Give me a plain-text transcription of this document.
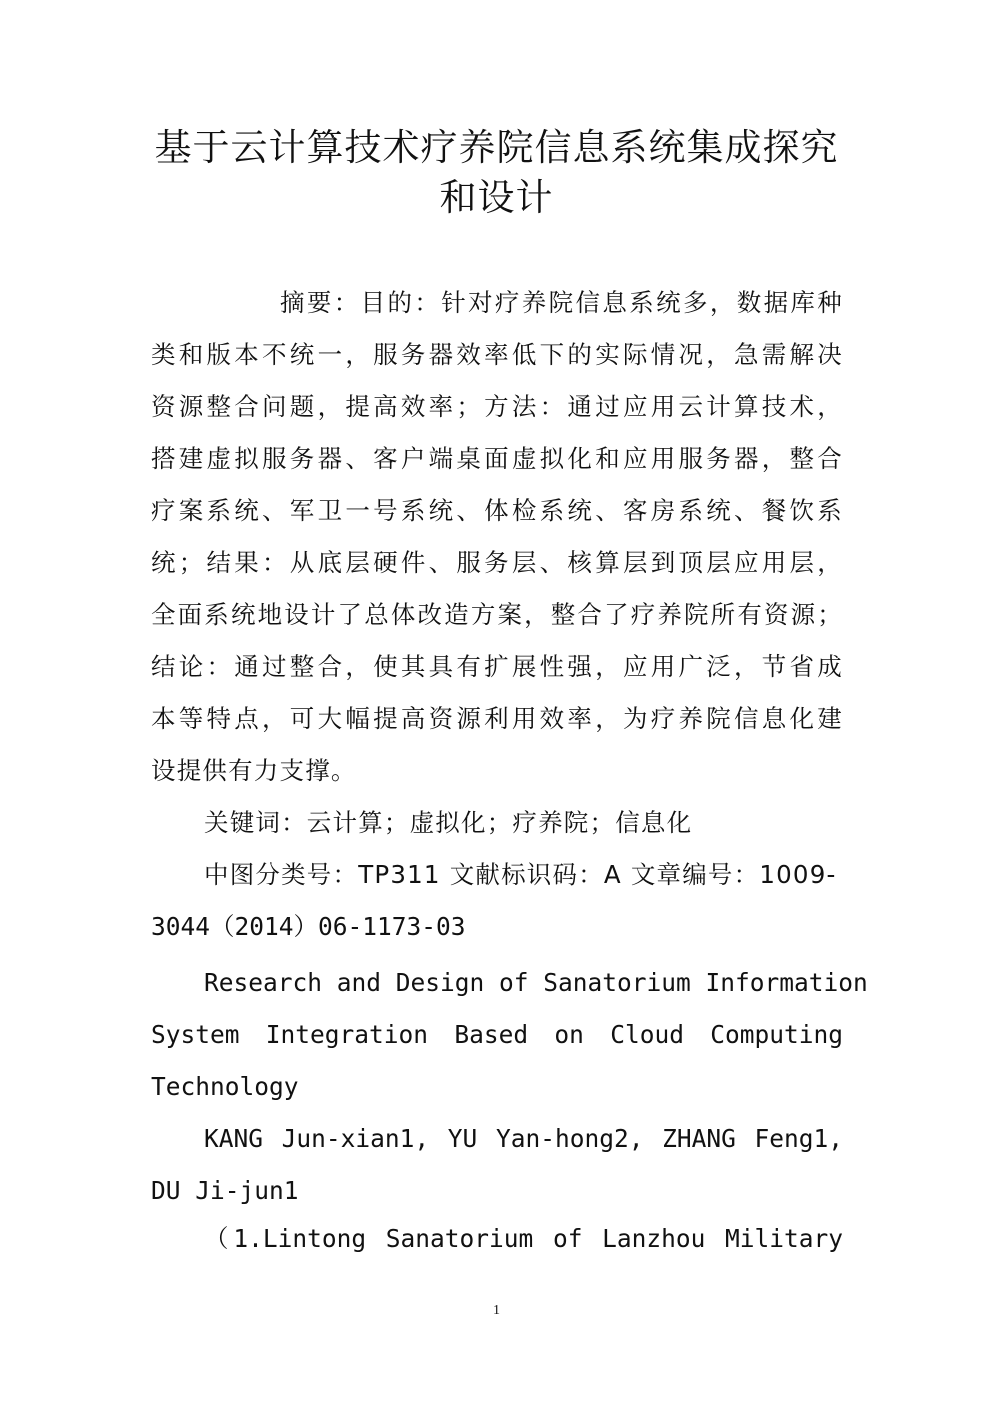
基于云计算技术疗养院信息系统集成探究
和设计
摘要：目的：针对疗养院信息系统多，数据库种
类和版本不统一，服务器效率低下的实际情况，急需解决
资源整合问题，提高效率；方法：通过应用云计算技术，
搭建虚拟服务器、客户端桌面虚拟化和应用服务器，整合
疗案系统、军卫一号系统、体检系统、客房系统、餐饮系
统；结果：从底层硬件、服务层、核算层到顶层应用层，
全面系统地设计了总体改造方案，整合了疗养院所有资源；
结论：通过整合，使其具有扩展性强，应用广泛，节省成
本等特点，可大幅提高资源利用效率，为疗养院信息化建
设提供有力支撑。
关键词：云计算；虚拟化；疗养院；信息化
中图分类号：TP311 文献标识码：A 文章编号：1009-
3044（2014）06-1173-03
Research and Design of Sanatorium Information
System Integration Based on Cloud Computing
Technology
KANG Jun-xian1, YU Yan-hong2, ZHANG Feng1,
DU Ji-jun1
（1.Lintong Sanatorium of Lanzhou Military
1
